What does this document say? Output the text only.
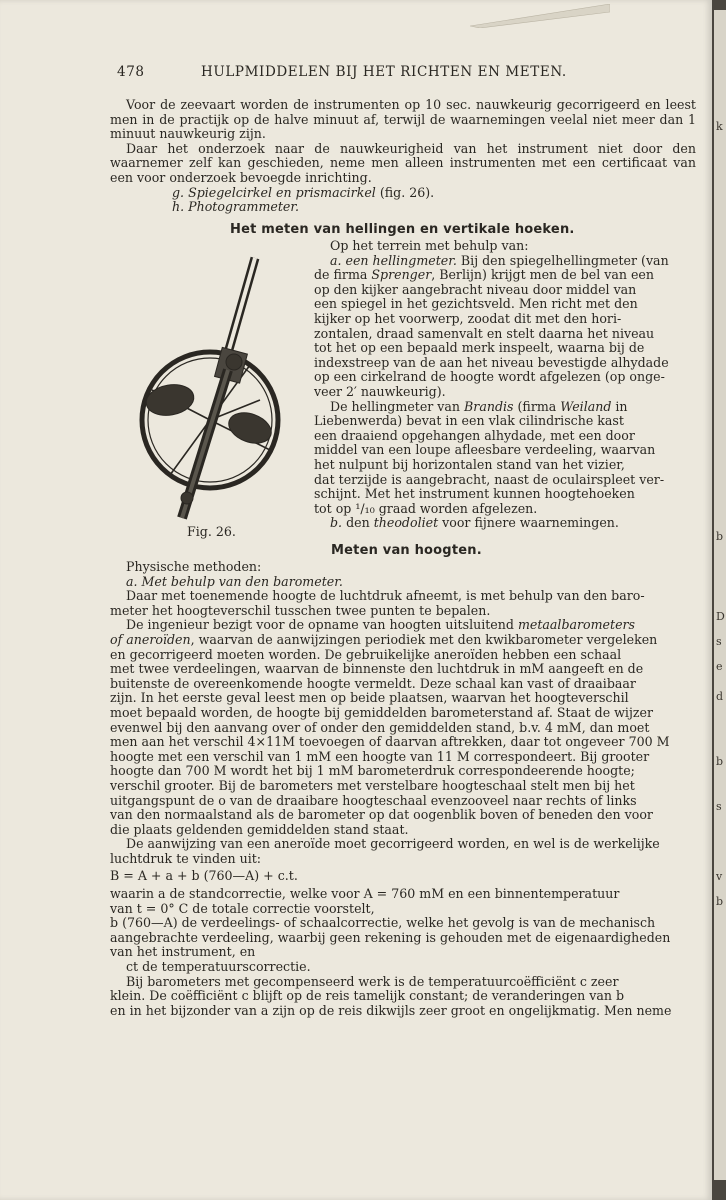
478	HULPMIDDELEN BIJ HET RICHTEN EN METEN.

Voor de zeevaart worden de instrumenten op 10 sec. nauwkeurig gecorrigeerd en leest men in de practijk op de halve minuut af, terwijl de waarnemingen veelal niet meer dan 1 minuut nauwkeurig zijn.

Daar het onderzoek naar de nauwkeurigheid van het instrument niet door den waarnemer zelf kan geschieden, neme men alleen instrumenten met een certificaat van een voor onderzoek bevoegde inrichting.

g. Spiegelcirkel en prismacirkel (fig. 26).

h. Photogrammeter.

Het meten van hellingen en vertikale hoeken.
Fig. 26.

Op het terrein met behulp van:

a. een hellingmeter. Bij den spiegelhellingmeter (van

de firma Sprenger, Berlijn) krijgt men de bel van een

op den kijker aangebracht niveau door middel van

een spiegel in het gezichtsveld. Men richt met den

kijker op het voorwerp, zoodat dit met den hori-

zontalen, draad samenvalt en stelt daarna het niveau

tot het op een bepaald merk inspeelt, waarna bij de

indexstreep van de aan het niveau bevestigde alhydade

op een cirkelrand de hoogte wordt afgelezen (op onge-

veer 2′ nauwkeurig).

De hellingmeter van Brandis (firma Weiland in

Liebenwerda) bevat in een vlak cilindrische kast

een draaiend opgehangen alhydade, met een door

middel van een loupe afleesbare verdeeling, waarvan

het nulpunt bij horizontalen stand van het vizier,

dat terzijde is aangebracht, naast de oculairspleet ver-

schijnt. Met het instrument kunnen hoogtehoeken

tot op ¹/₁₀ graad worden afgelezen.

b. den theodoliet voor fijnere waarnemingen.

Meten van hoogten.

Physische methoden:

a. Met behulp van den barometer.

Daar met toenemende hoogte de luchtdruk afneemt, is met behulp van den baro-

meter het hoogteverschil tusschen twee punten te bepalen.

De ingenieur bezigt voor de opname van hoogten uitsluitend metaalbarometers

of aneroïden, waarvan de aanwijzingen periodiek met den kwikbarometer vergeleken

en gecorrigeerd moeten worden. De gebruikelijke aneroïden hebben een schaal

met twee verdeelingen, waarvan de binnenste den luchtdruk in mM aangeeft en de

buitenste de overeenkomende hoogte vermeldt. Deze schaal kan vast of draaibaar

zijn. In het eerste geval leest men op beide plaatsen, waarvan het hoogteverschil

moet bepaald worden, de hoogte bij gemiddelden barometerstand af. Staat de wijzer

evenwel bij den aanvang over of onder den gemiddelden stand, b.v. 4 mM, dan moet

men aan het verschil 4×11M toevoegen of daarvan aftrekken, daar tot ongeveer 700 M

hoogte met een verschil van 1 mM een hoogte van 11 M correspondeert. Bij grooter

hoogte dan 700 M wordt het bij 1 mM barometerdruk correspondeerende hoogte;

verschil grooter. Bij de barometers met verstelbare hoogteschaal stelt men bij het

uitgangspunt de o van de draaibare hoogteschaal evenzooveel naar rechts of links

van den normaalstand als de barometer op dat oogenblik boven of beneden den voor

die plaats geldenden gemiddelden stand staat.

De aanwijzing van een aneroïde moet gecorrigeerd worden, en wel is de werkelijke

luchtdruk te vinden uit:

B = A + a + b (760—A) + c.t.

waarin a de standcorrectie, welke voor A = 760 mM en een binnentemperatuur

van t = 0° C de totale correctie voorstelt,

b (760—A) de verdeelings- of schaalcorrectie, welke het gevolg is van de mechanisch

aangebrachte verdeeling, waarbij geen rekening is gehouden met de eigenaardigheden

van het instrument, en

ct de temperatuurscorrectie.

Bij barometers met gecompenseerd werk is de temperatuurcoëfficiënt c zeer

klein. De coëfficiënt c blijft op de reis tamelijk constant; de veranderingen van b

en in het bijzonder van a zijn op de reis dikwijls zeer groot en ongelijkmatig. Men neme

k
b
D
s
e
d
b
s
v
b
